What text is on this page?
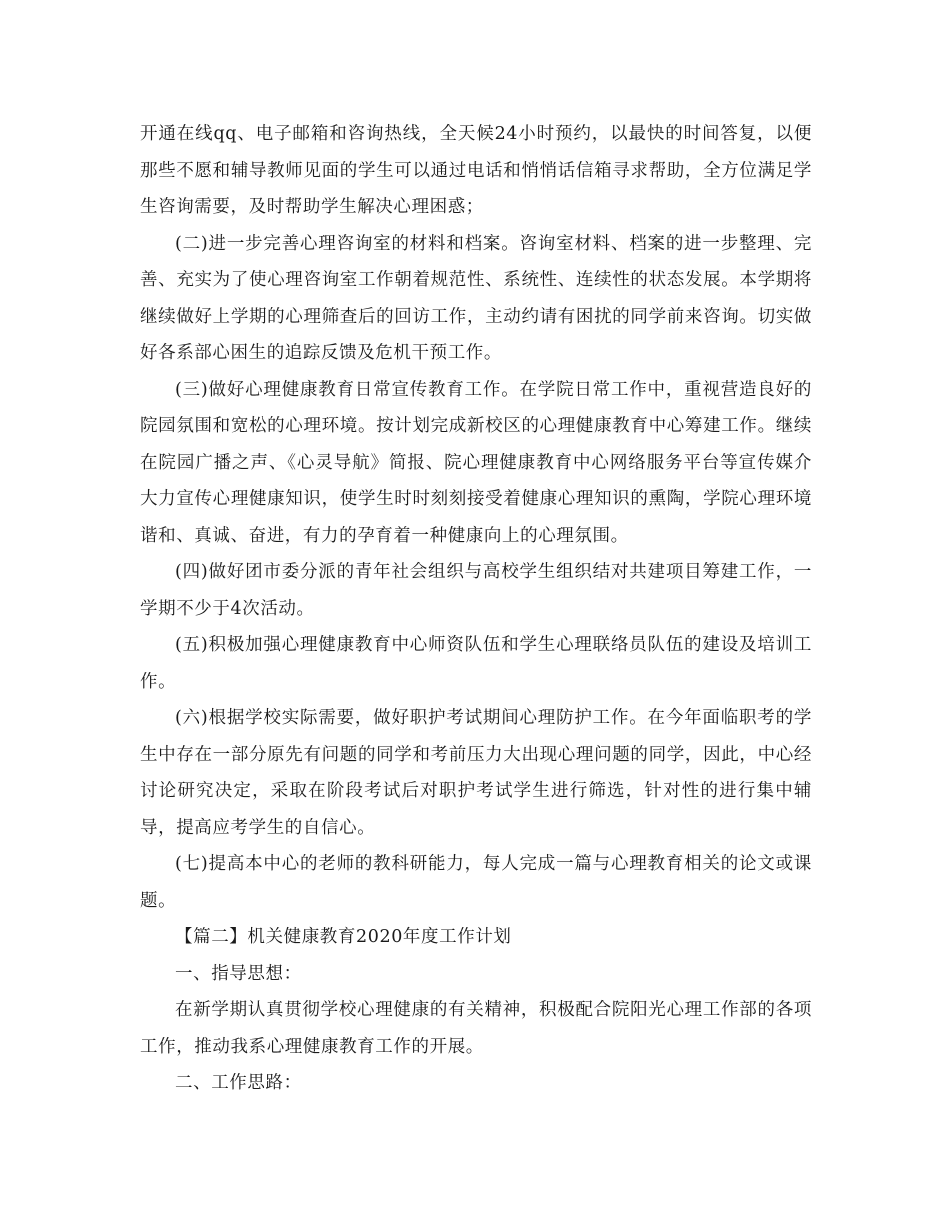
开通在线qq、电子邮箱和咨询热线，全天候24小时预约，以最快的时间答复，以便那些不愿和辅导教师见面的学生可以通过电话和悄悄话信箱寻求帮助，全方位满足学生咨询需要，及时帮助学生解决心理困惑；

(二)进一步完善心理咨询室的材料和档案。咨询室材料、档案的进一步整理、完善、充实为了使心理咨询室工作朝着规范性、系统性、连续性的状态发展。本学期将继续做好上学期的心理筛查后的回访工作，主动约请有困扰的同学前来咨询。切实做好各系部心困生的追踪反馈及危机干预工作。

(三)做好心理健康教育日常宣传教育工作。在学院日常工作中，重视营造良好的院园氛围和宽松的心理环境。按计划完成新校区的心理健康教育中心筹建工作。继续在院园广播之声、《心灵导航》简报、院心理健康教育中心网络服务平台等宣传媒介大力宣传心理健康知识，使学生时时刻刻接受着健康心理知识的熏陶，学院心理环境谐和、真诚、奋进，有力的孕育着一种健康向上的心理氛围。

(四)做好团市委分派的青年社会组织与高校学生组织结对共建项目筹建工作，一学期不少于4次活动。

(五)积极加强心理健康教育中心师资队伍和学生心理联络员队伍的建设及培训工作。

(六)根据学校实际需要，做好职护考试期间心理防护工作。在今年面临职考的学生中存在一部分原先有问题的同学和考前压力大出现心理问题的同学，因此，中心经讨论研究决定，采取在阶段考试后对职护考试学生进行筛选，针对性的进行集中辅导，提高应考学生的自信心。

(七)提高本中心的老师的教科研能力，每人完成一篇与心理教育相关的论文或课题。

【篇二】机关健康教育2020年度工作计划

一、指导思想：

在新学期认真贯彻学校心理健康的有关精神，积极配合院阳光心理工作部的各项工作，推动我系心理健康教育工作的开展。

二、工作思路：
